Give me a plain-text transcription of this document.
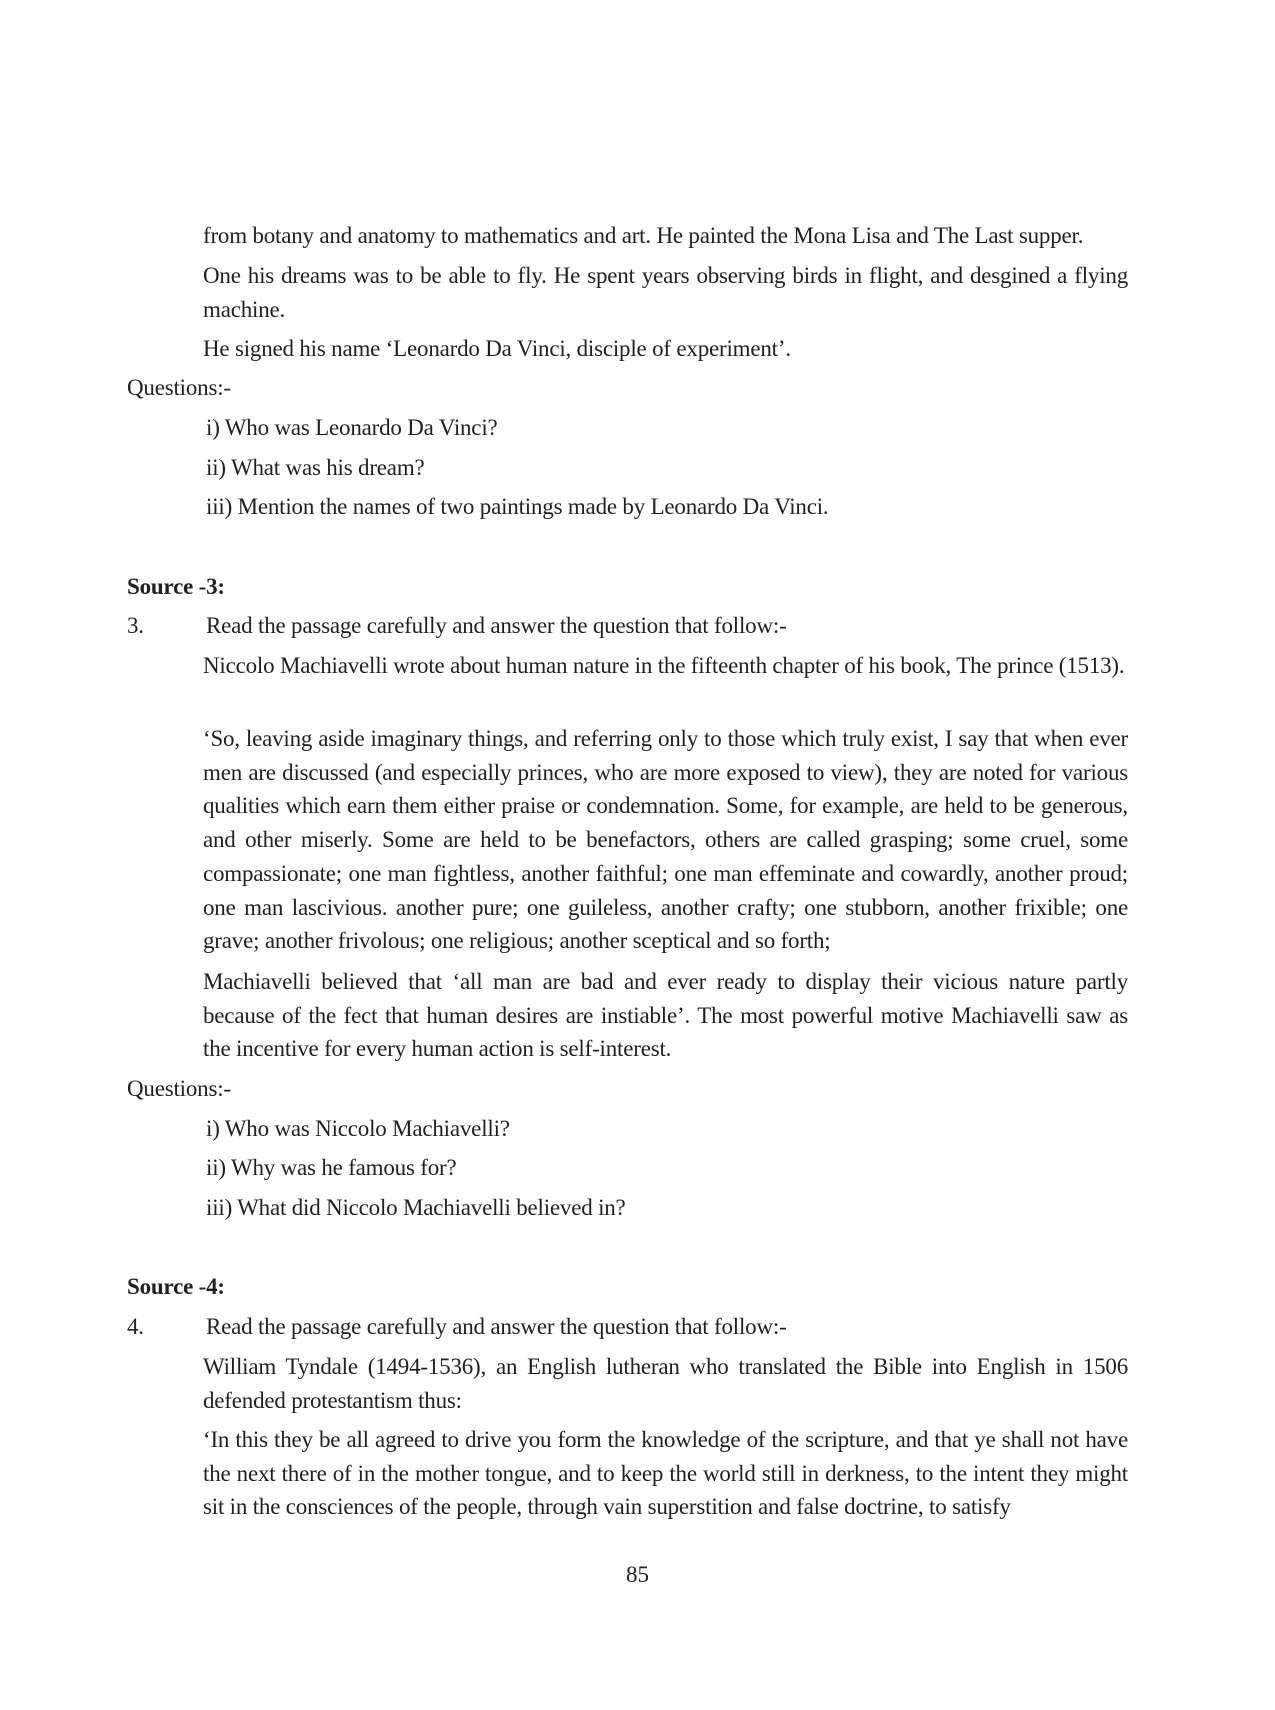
from botany and anatomy to mathematics and art. He painted the Mona Lisa and The Last supper.
One his dreams was to be able to fly. He spent years observing birds in flight, and desgined a flying machine.
He signed his name ‘Leonardo Da Vinci, disciple of experiment’.
Questions:-
i) Who was Leonardo Da Vinci?
ii) What was his dream?
iii) Mention the names of two paintings made by Leonardo Da Vinci.
Source -3:
3.	Read the passage carefully and answer the question that follow:-
Niccolo Machiavelli wrote about human nature in the fifteenth chapter of his book, The prince (1513).
‘So, leaving aside imaginary things, and referring only to those which truly exist, I say that when ever men are discussed (and especially princes, who are more exposed to view), they are noted for various qualities which earn them either praise or condemnation. Some, for example, are held to be generous, and other miserly. Some are held to be benefactors, others are called grasping; some cruel, some compassionate; one man fightless, another faithful; one man effeminate and cowardly, another proud; one man lascivious. another pure; one guileless, another crafty; one stubborn, another frixible; one grave; another frivolous; one religious; another sceptical and so forth;
Machiavelli believed that ‘all man are bad and ever ready to display their vicious nature partly because of the fect that human desires are instiable’. The most powerful motive Machiavelli saw as the incentive for every human action is self-interest.
Questions:-
i) Who was Niccolo Machiavelli?
ii) Why was he famous for?
iii) What did Niccolo Machiavelli believed in?
Source -4:
4.	Read the passage carefully and answer the question that follow:-
William Tyndale (1494-1536), an English lutheran who translated the Bible into English in 1506 defended protestantism thus:
‘In this they be all agreed to drive you form the knowledge of the scripture, and that ye shall not have the next there of in the mother tongue, and to keep the world still in derkness, to the intent they might sit in the consciences of the people, through vain superstition and false doctrine, to satisfy
85
